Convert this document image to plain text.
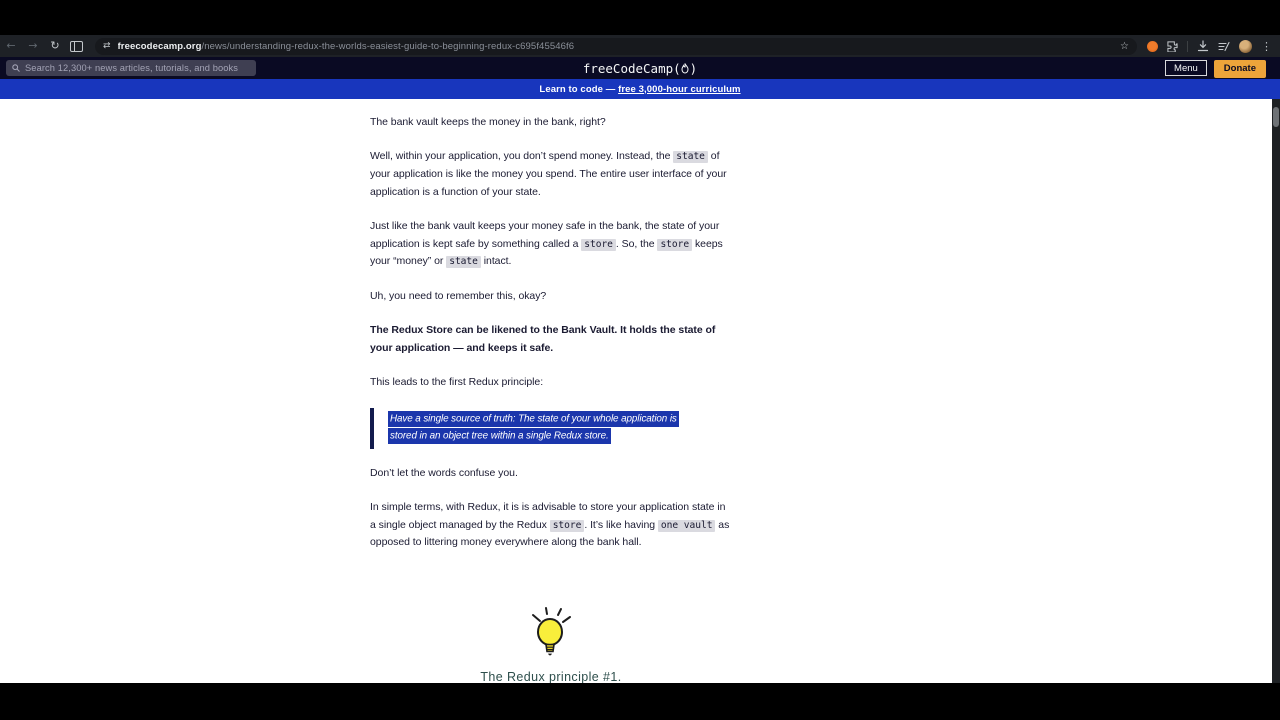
←	→	↻	⇄ freecodecamp.org/news/understanding-redux-the-worlds-easiest-guide-to-beginning-redux-c695f45546f6	☆	⋮
Search 12,300+ news articles, tutorials, and books	freeCodeCamp( )	Menu	Donate
Learn to code —
free 3,000-hour curriculum

The bank vault keeps the money in the bank, right?

Well, within your application, you don’t spend money. Instead, the state of your application is like the money you spend. The entire user interface of your application is a function of your state.

Just like the bank vault keeps your money safe in the bank, the state of your application is kept safe by something called a store . So, the store keeps your “money” or state intact.

Uh, you need to remember this, okay?

The Redux Store can be likened to the Bank Vault. It holds the state of your application — and keeps it safe.

This leads to the first Redux principle:

Have a single source of truth: The state of your whole application is
stored in an object tree within a single Redux store.

Don’t let the words confuse you.

In simple terms, with Redux, it is is advisable to store your application state in a single object managed by the Redux store . It’s like having one vault as opposed to littering money everywhere along the bank hall.

The Redux principle #1.
